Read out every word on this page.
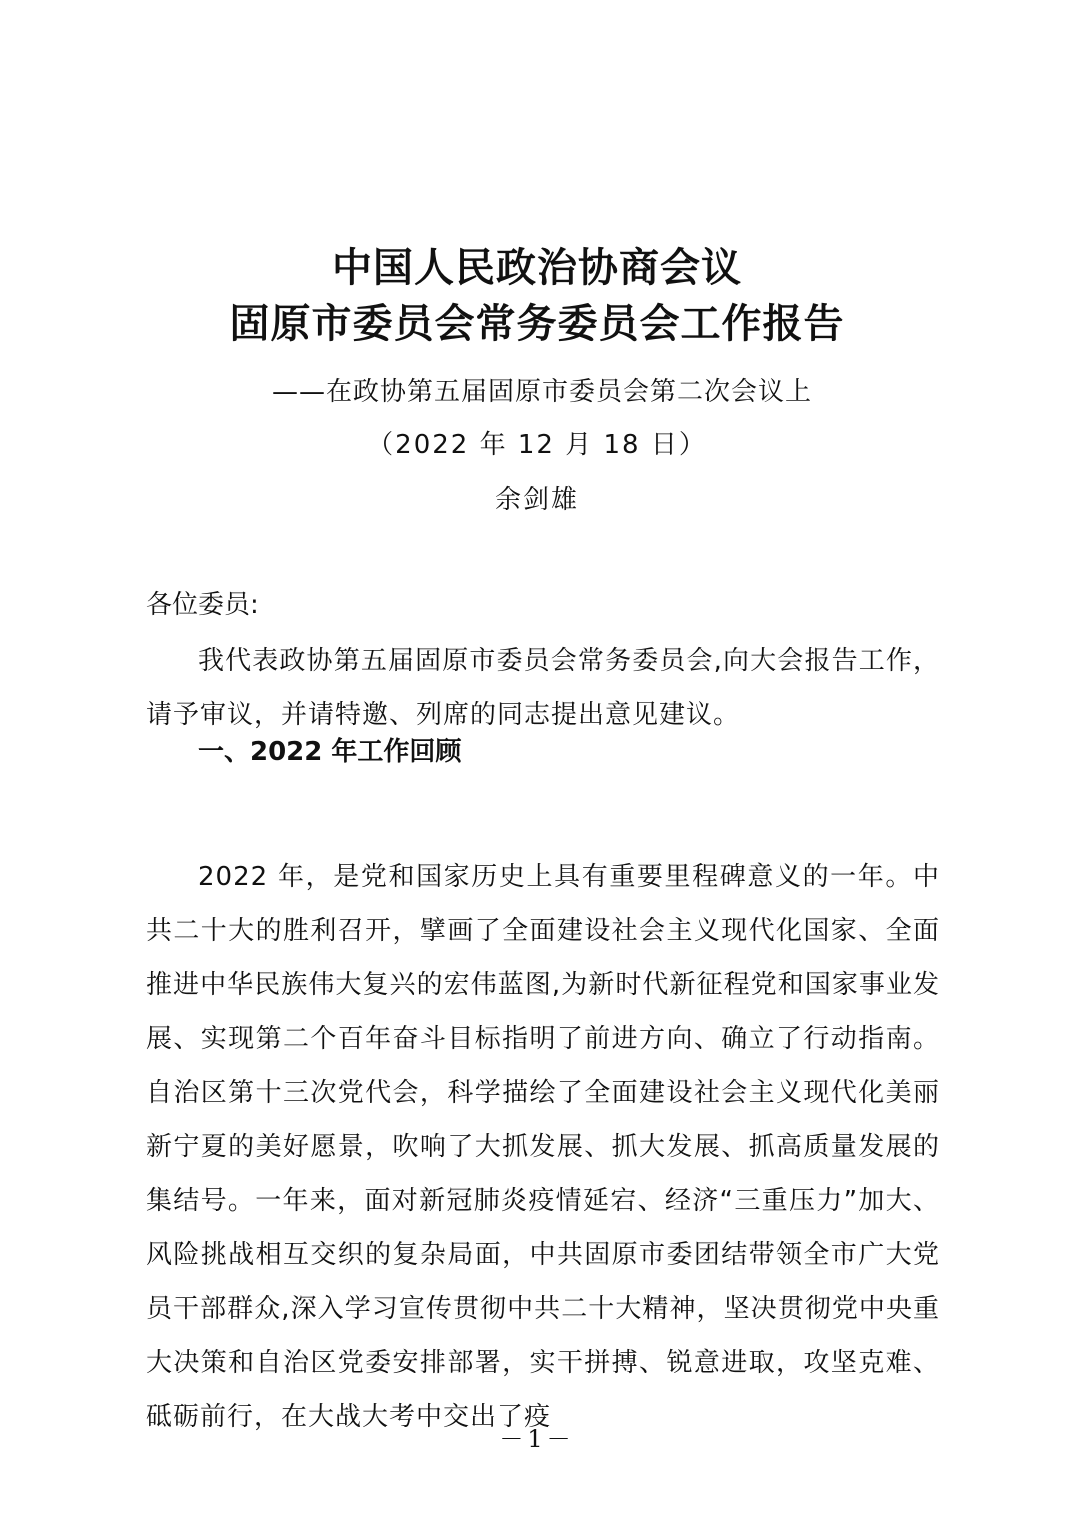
中国人民政治协商会议
固原市委员会常务委员会工作报告
——在政协第五届固原市委员会第二次会议上
（2022 年 12 月 18 日）
余剑雄
各位委员:
我代表政协第五届固原市委员会常务委员会,向大会报告工作，请予审议，并请特邀、列席的同志提出意见建议。
一、2022 年工作回顾
2022 年，是党和国家历史上具有重要里程碑意义的一年。中共二十大的胜利召开，擘画了全面建设社会主义现代化国家、全面推进中华民族伟大复兴的宏伟蓝图,为新时代新征程党和国家事业发展、实现第二个百年奋斗目标指明了前进方向、确立了行动指南。自治区第十三次党代会，科学描绘了全面建设社会主义现代化美丽新宁夏的美好愿景，吹响了大抓发展、抓大发展、抓高质量发展的集结号。一年来，面对新冠肺炎疫情延宕、经济“三重压力”加大、风险挑战相互交织的复杂局面，中共固原市委团结带领全市广大党员干部群众,深入学习宣传贯彻中共二十大精神，坚决贯彻党中央重大决策和自治区党委安排部署，实干拼搏、锐意进取，攻坚克难、砥砺前行，在大战大考中交出了疫
－1－
